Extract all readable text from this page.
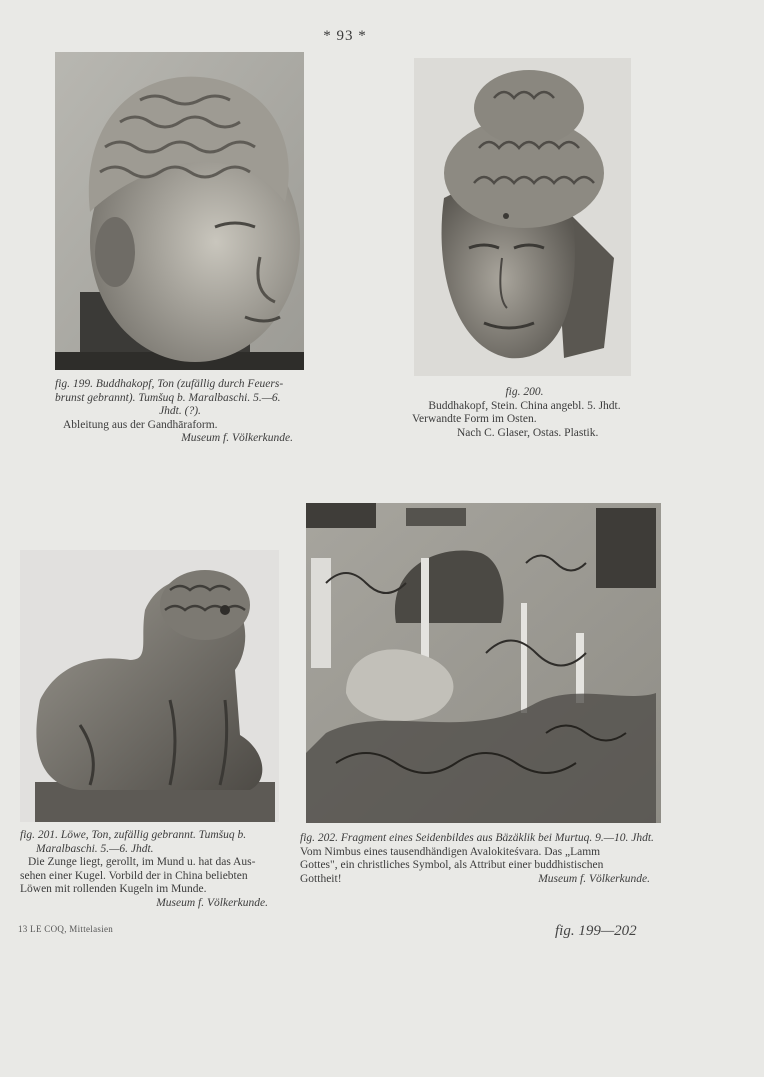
* 93 *

fig. 199. Buddhakopf, Ton (zufällig durch Feuers-

brunst gebrannt). Tumšuq b. Maralbaschi. 5.—6.

Jhdt. (?).

Ableitung aus der Gandhāraform.

Museum f. Völkerkunde.

fig. 200.

Buddhakopf, Stein. China angebl. 5. Jhdt.

Verwandte Form im Osten.

Nach C. Glaser, Ostas. Plastik.

fig. 201. Löwe, Ton, zufällig gebrannt. Tumšuq b.

Maralbaschi. 5.—6. Jhdt.

Die Zunge liegt, gerollt, im Mund u. hat das Aus-

sehen einer Kugel. Vorbild der in China beliebten

Löwen mit rollenden Kugeln im Munde.

Museum f. Völkerkunde.

fig. 202. Fragment eines Seidenbildes aus Bäzäklik bei Murtuq. 9.—10. Jhdt.

Vom Nimbus eines tausendhändigen Avalokiteśvara. Das „Lamm

Gottes", ein christliches Symbol, als Attribut einer buddhistischen

Gottheit!	Museum f. Völkerkunde.

13 LE COQ, Mittelasien	fig. 199—202
